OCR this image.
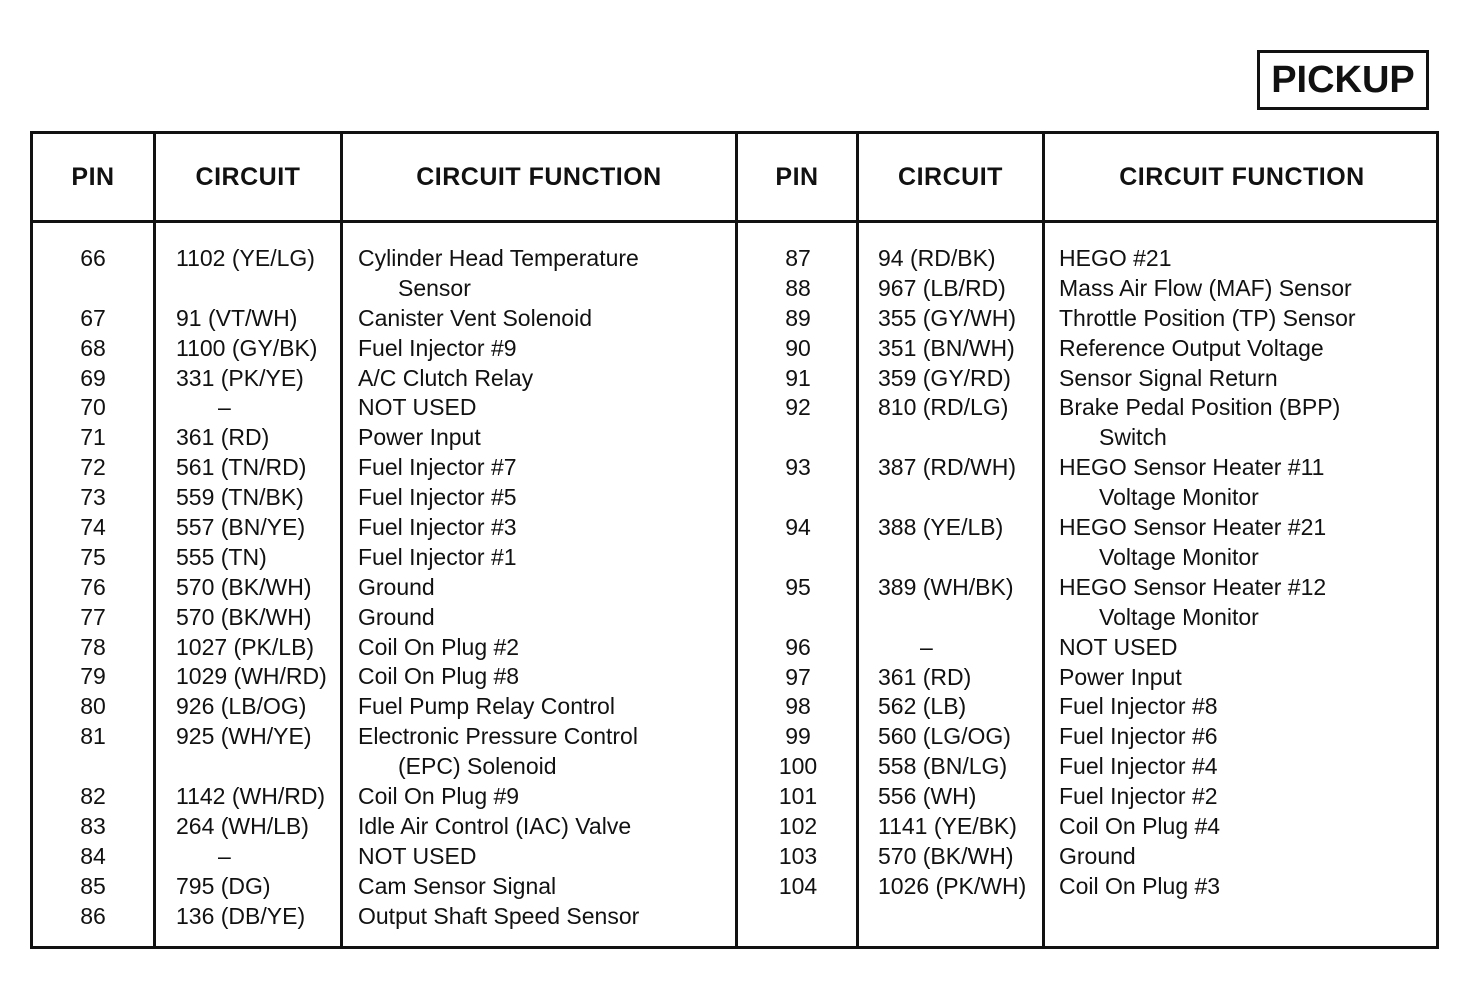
PICKUP
PIN	CIRCUIT	CIRCUIT FUNCTION	PIN	CIRCUIT	CIRCUIT FUNCTION
66	1102 (YE/LG) Cylinder Head Temperature
Sensor
67	91 (VT/WH)	Canister Vent Solenoid
68	1100 (GY/BK) Fuel Injector #9
69	331 (PK/YE) A/C Clutch Relay
70	–	NOT USED
71	361 (RD)	Power Input
72	561 (TN/RD) Fuel Injector #7
73	559 (TN/BK) Fuel Injector #5
74	557 (BN/YE) Fuel Injector #3
75	555 (TN)	Fuel Injector #1
76	570 (BK/WH) Ground
77	570 (BK/WH) Ground
78	1027 (PK/LB) Coil On Plug #2
79	1029 (WH/RD) Coil On Plug #8
80	926 (LB/OG) Fuel Pump Relay Control
81	925 (WH/YE) Electronic Pressure Control
(EPC) Solenoid
82	1142 (WH/RD) Coil On Plug #9
83	264 (WH/LB) Idle Air Control (IAC) Valve
84	–	NOT USED
85	795 (DG)	Cam Sensor Signal
86	136 (DB/YE) Output Shaft Speed Sensor
87	94 (RD/BK)	HEGO #21
88	967 (LB/RD) Mass Air Flow (MAF) Sensor
89	355 (GY/WH) Throttle Position (TP) Sensor
90	351 (BN/WH) Reference Output Voltage
91	359 (GY/RD) Sensor Signal Return
92	810 (RD/LG) Brake Pedal Position (BPP)
Switch
93	387 (RD/WH) HEGO Sensor Heater #11
Voltage Monitor
94	388 (YE/LB) HEGO Sensor Heater #21
Voltage Monitor
95	389 (WH/BK) HEGO Sensor Heater #12
Voltage Monitor
96	–	NOT USED
97	361 (RD)	Power Input
98	562 (LB)	Fuel Injector #8
99	560 (LG/OG) Fuel Injector #6
100	558 (BN/LG) Fuel Injector #4
101	556 (WH)	Fuel Injector #2
102	1141 (YE/BK) Coil On Plug #4
103	570 (BK/WH) Ground
104	1026 (PK/WH) Coil On Plug #3
